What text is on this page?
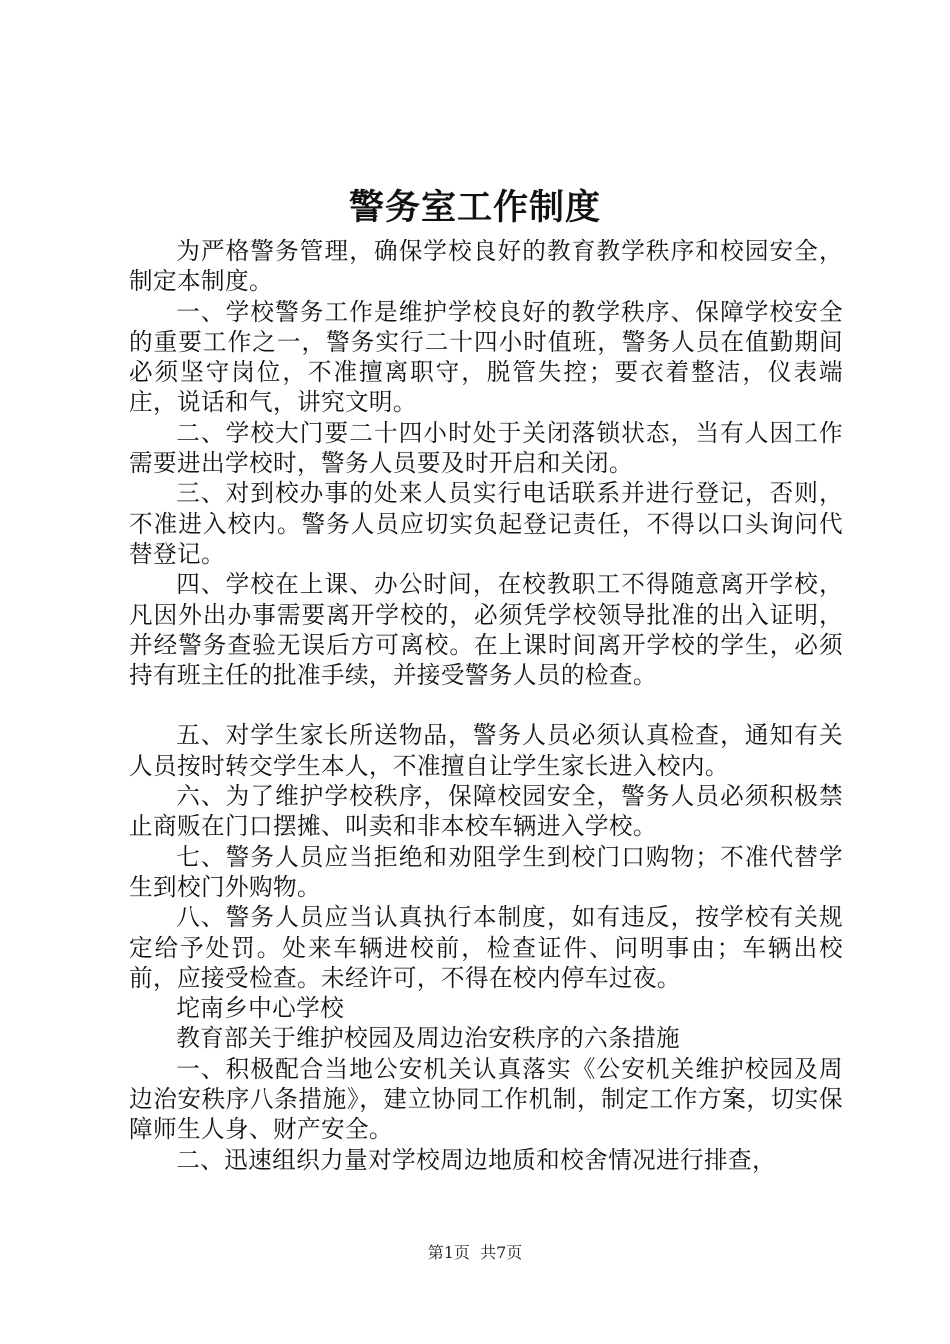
警务室工作制度

为严格警务管理，确保学校良好的教育教学秩序和校园安全，制定本制度。

一、学校警务工作是维护学校良好的教学秩序、保障学校安全的重要工作之一，警务实行二十四小时值班，警务人员在值勤期间必须坚守岗位，不准擅离职守，脱管失控；要衣着整洁，仪表端庄，说话和气，讲究文明。

二、学校大门要二十四小时处于关闭落锁状态，当有人因工作需要进出学校时，警务人员要及时开启和关闭。

三、对到校办事的处来人员实行电话联系并进行登记，否则，不准进入校内。警务人员应切实负起登记责任，不得以口头询问代替登记。

四、学校在上课、办公时间，在校教职工不得随意离开学校，凡因外出办事需要离开学校的，必须凭学校领导批准的出入证明，并经警务查验无误后方可离校。在上课时间离开学校的学生，必须持有班主任的批准手续，并接受警务人员的检查。

五、对学生家长所送物品，警务人员必须认真检查，通知有关人员按时转交学生本人，不准擅自让学生家长进入校内。

六、为了维护学校秩序，保障校园安全，警务人员必须积极禁止商贩在门口摆摊、叫卖和非本校车辆进入学校。

七、警务人员应当拒绝和劝阻学生到校门口购物；不准代替学生到校门外购物。

八、警务人员应当认真执行本制度，如有违反，按学校有关规定给予处罚。处来车辆进校前，检查证件、问明事由；车辆出校前，应接受检查。未经许可，不得在校内停车过夜。

坨南乡中心学校

教育部关于维护校园及周边治安秩序的六条措施

一、积极配合当地公安机关认真落实《公安机关维护校园及周边治安秩序八条措施》，建立协同工作机制，制定工作方案，切实保障师生人身、财产安全。

二、迅速组织力量对学校周边地质和校舍情况进行排查，

第1页 共7页
